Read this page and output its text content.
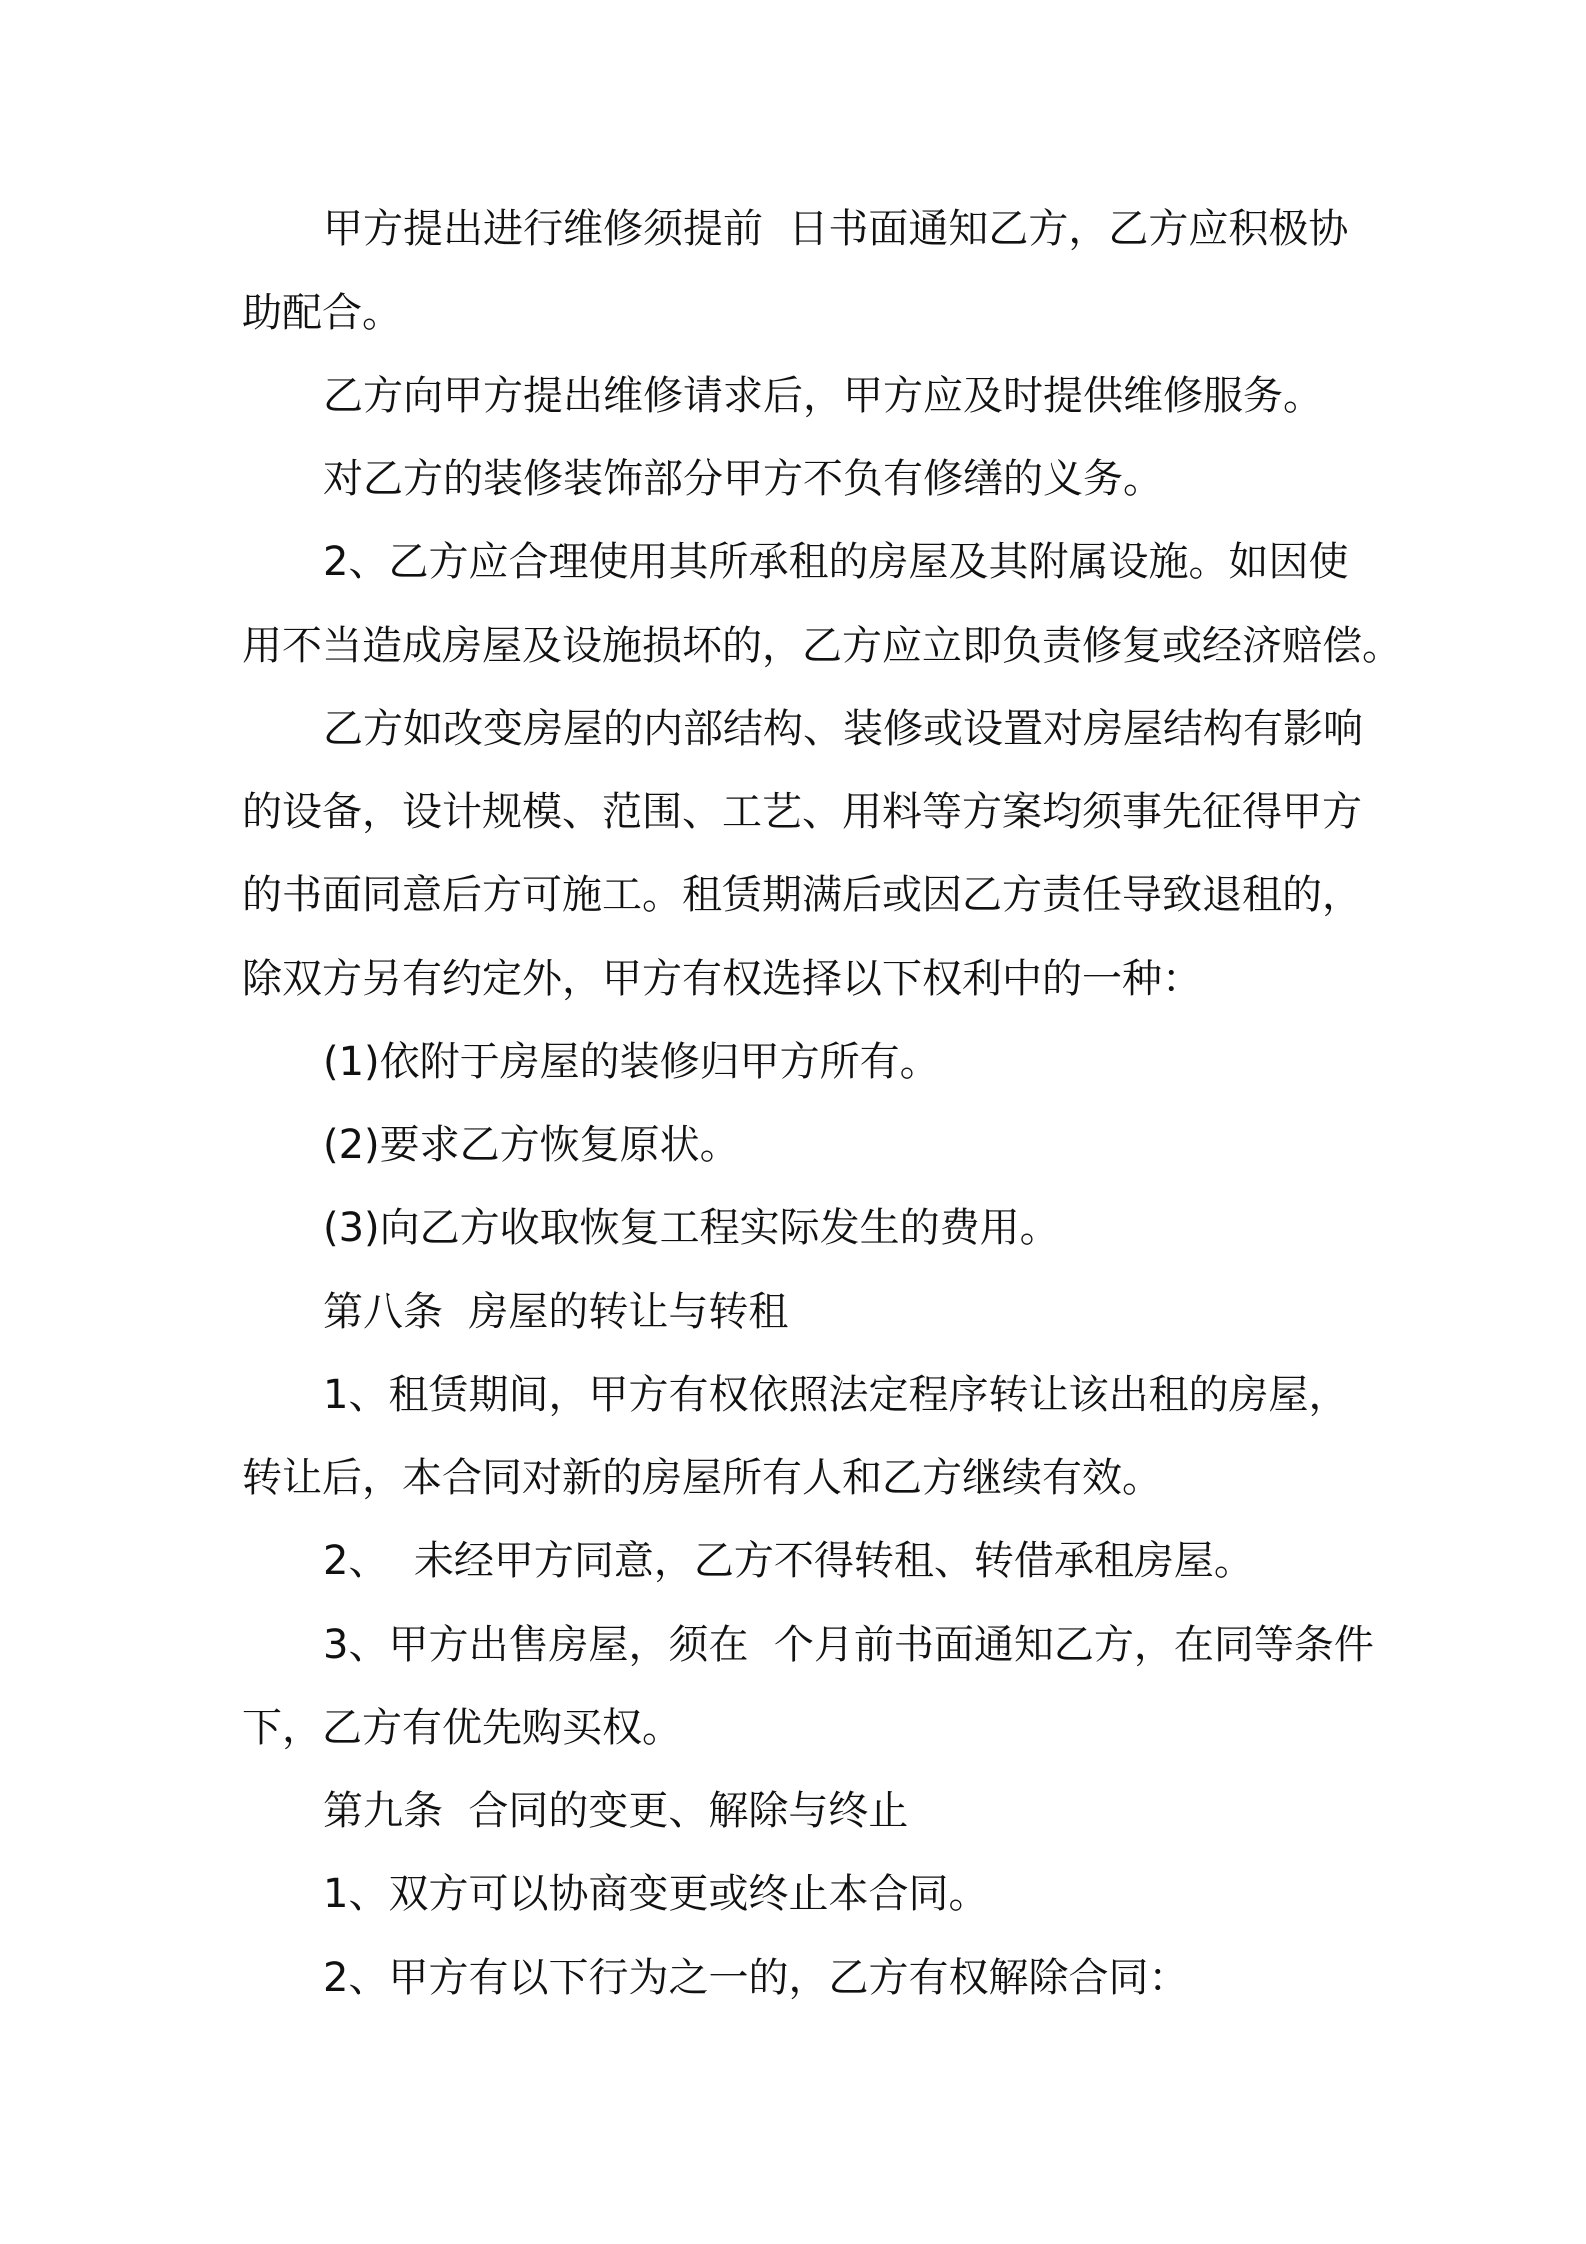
甲方提出进行维修须提前  日书面通知乙方，乙方应积极协
助配合。
乙方向甲方提出维修请求后，甲方应及时提供维修服务。
对乙方的装修装饰部分甲方不负有修缮的义务。
2、乙方应合理使用其所承租的房屋及其附属设施。如因使
用不当造成房屋及设施损坏的，乙方应立即负责修复或经济赔偿。
乙方如改变房屋的内部结构、装修或设置对房屋结构有影响
的设备，设计规模、范围、工艺、用料等方案均须事先征得甲方
的书面同意后方可施工。租赁期满后或因乙方责任导致退租的，
除双方另有约定外，甲方有权选择以下权利中的一种：
(1)依附于房屋的装修归甲方所有。
(2)要求乙方恢复原状。
(3)向乙方收取恢复工程实际发生的费用。
第八条  房屋的转让与转租
1、租赁期间，甲方有权依照法定程序转让该出租的房屋，
转让后，本合同对新的房屋所有人和乙方继续有效。
2、  未经甲方同意，乙方不得转租、转借承租房屋。
3、甲方出售房屋，须在  个月前书面通知乙方，在同等条件
下，乙方有优先购买权。
第九条  合同的变更、解除与终止
1、双方可以协商变更或终止本合同。
2、甲方有以下行为之一的，乙方有权解除合同：
